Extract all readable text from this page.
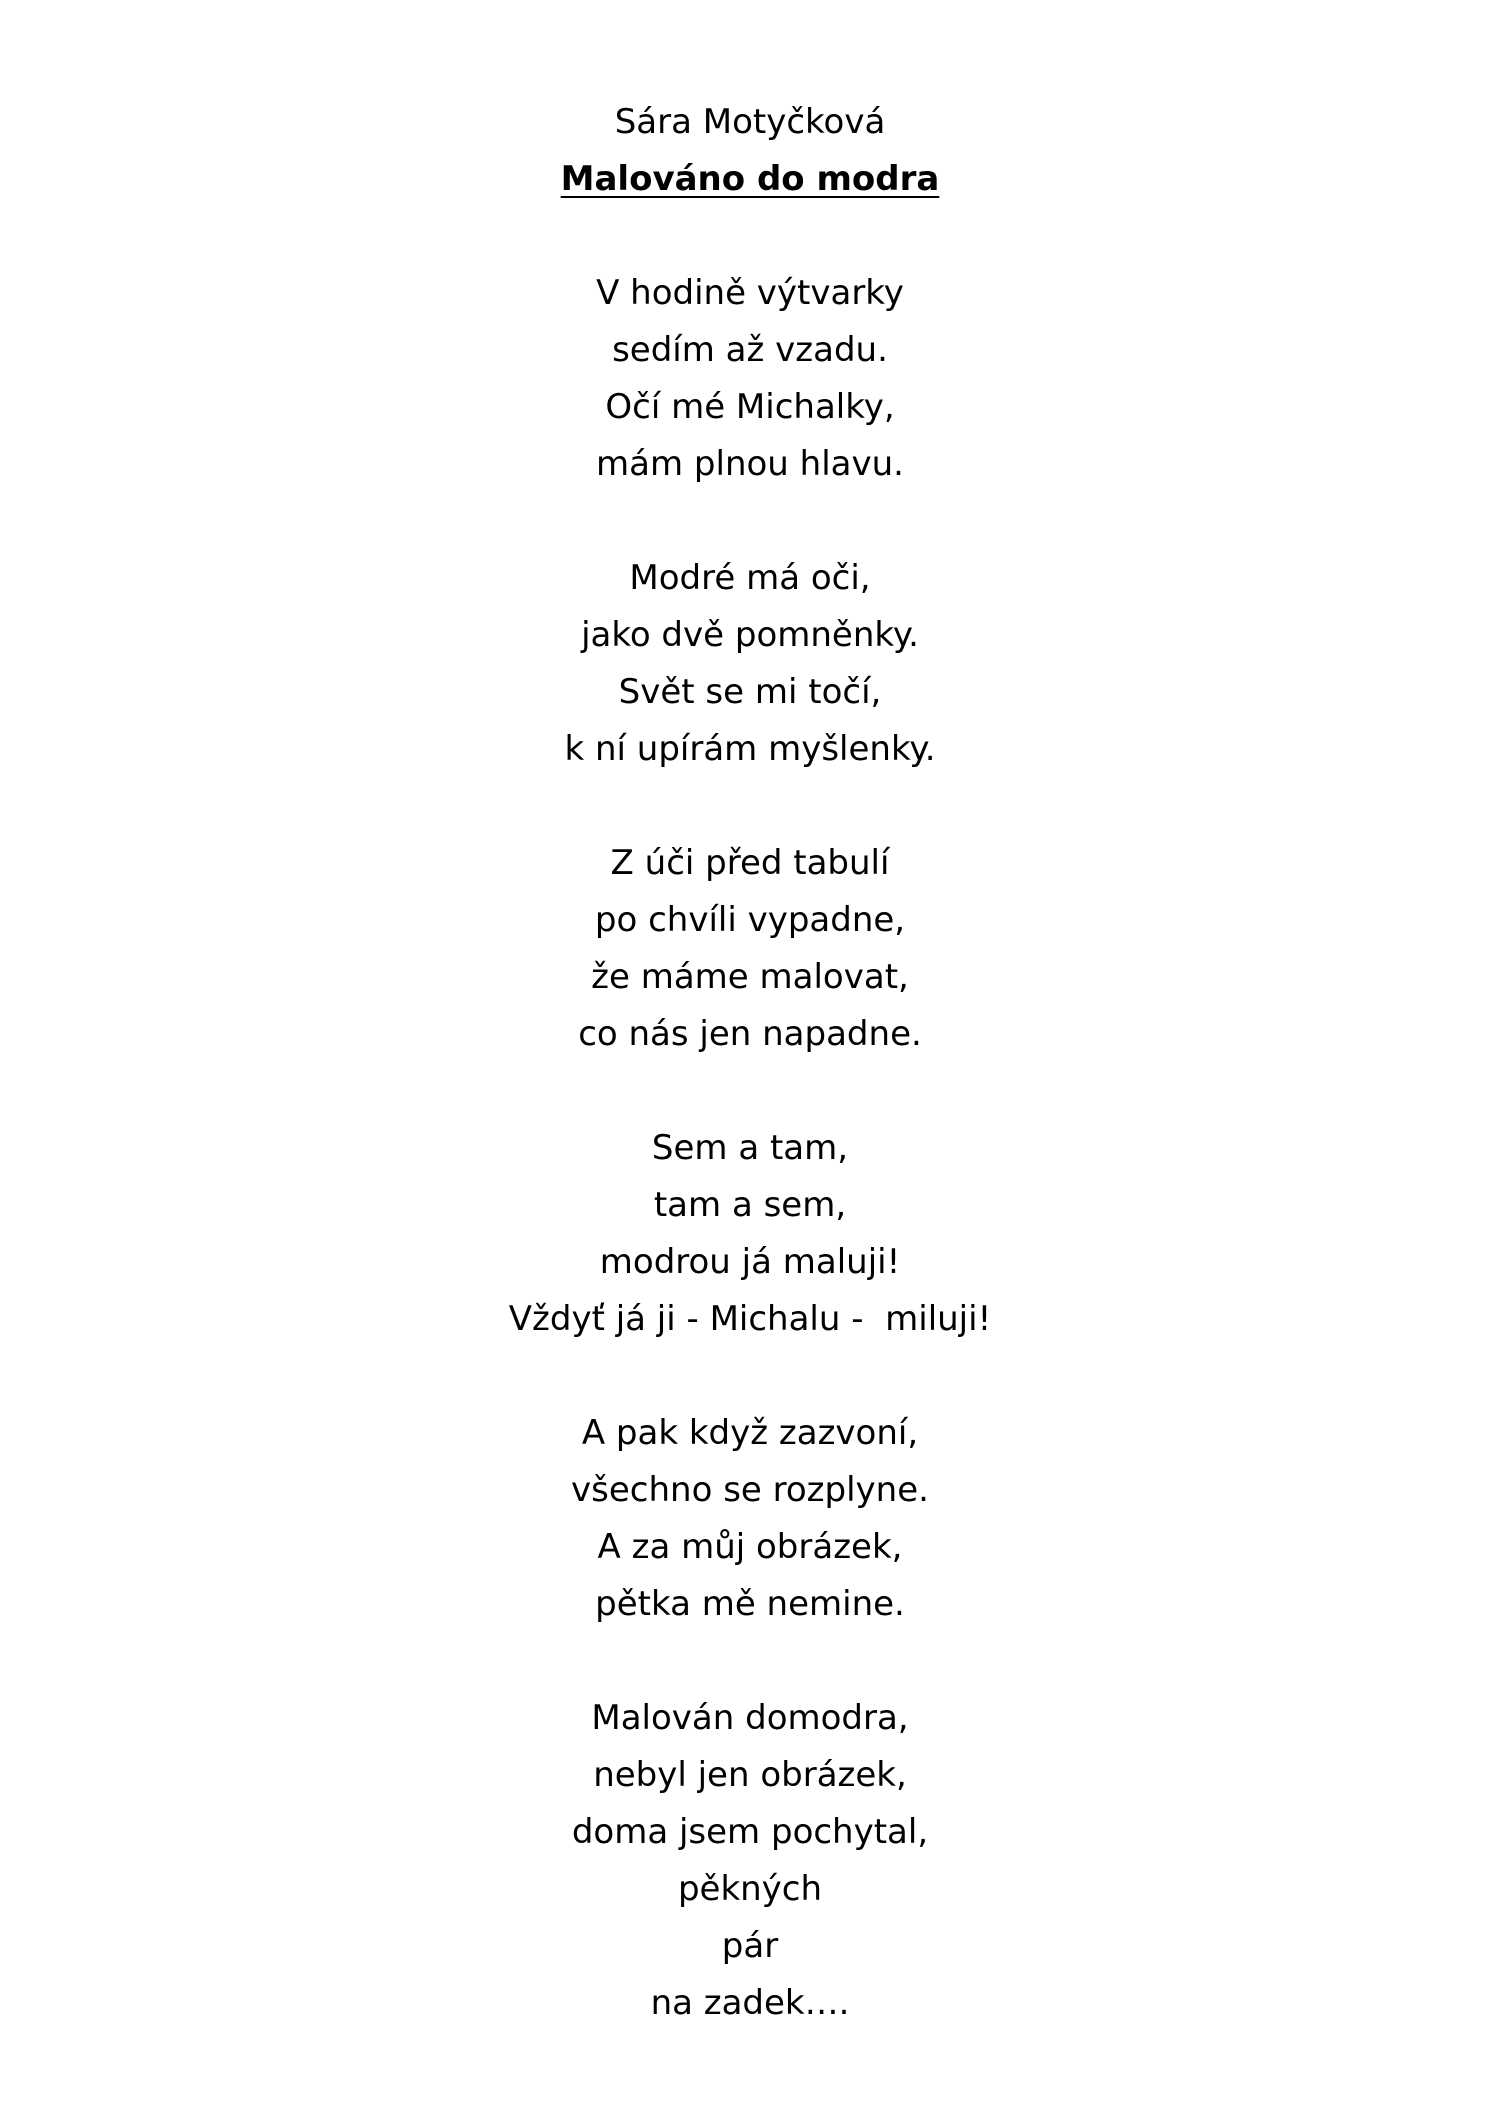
Sára Motyčková
Malováno do modra
V hodině výtvarky
sedím až vzadu.
Očí mé Michalky,
mám plnou hlavu.
Modré má oči,
jako dvě pomněnky.
Svět se mi točí,
k ní upírám myšlenky.
Z úči před tabulí
po chvíli vypadne,
že máme malovat,
co nás jen napadne.
Sem a tam,
tam a sem,
modrou já maluji!
Vždyť já ji - Michalu -  miluji!
A pak když zazvoní,
všechno se rozplyne.
A za můj obrázek,
pětka mě nemine.
Malován domodra,
nebyl jen obrázek,
doma jsem pochytal,
pěkných
pár
na zadek….
